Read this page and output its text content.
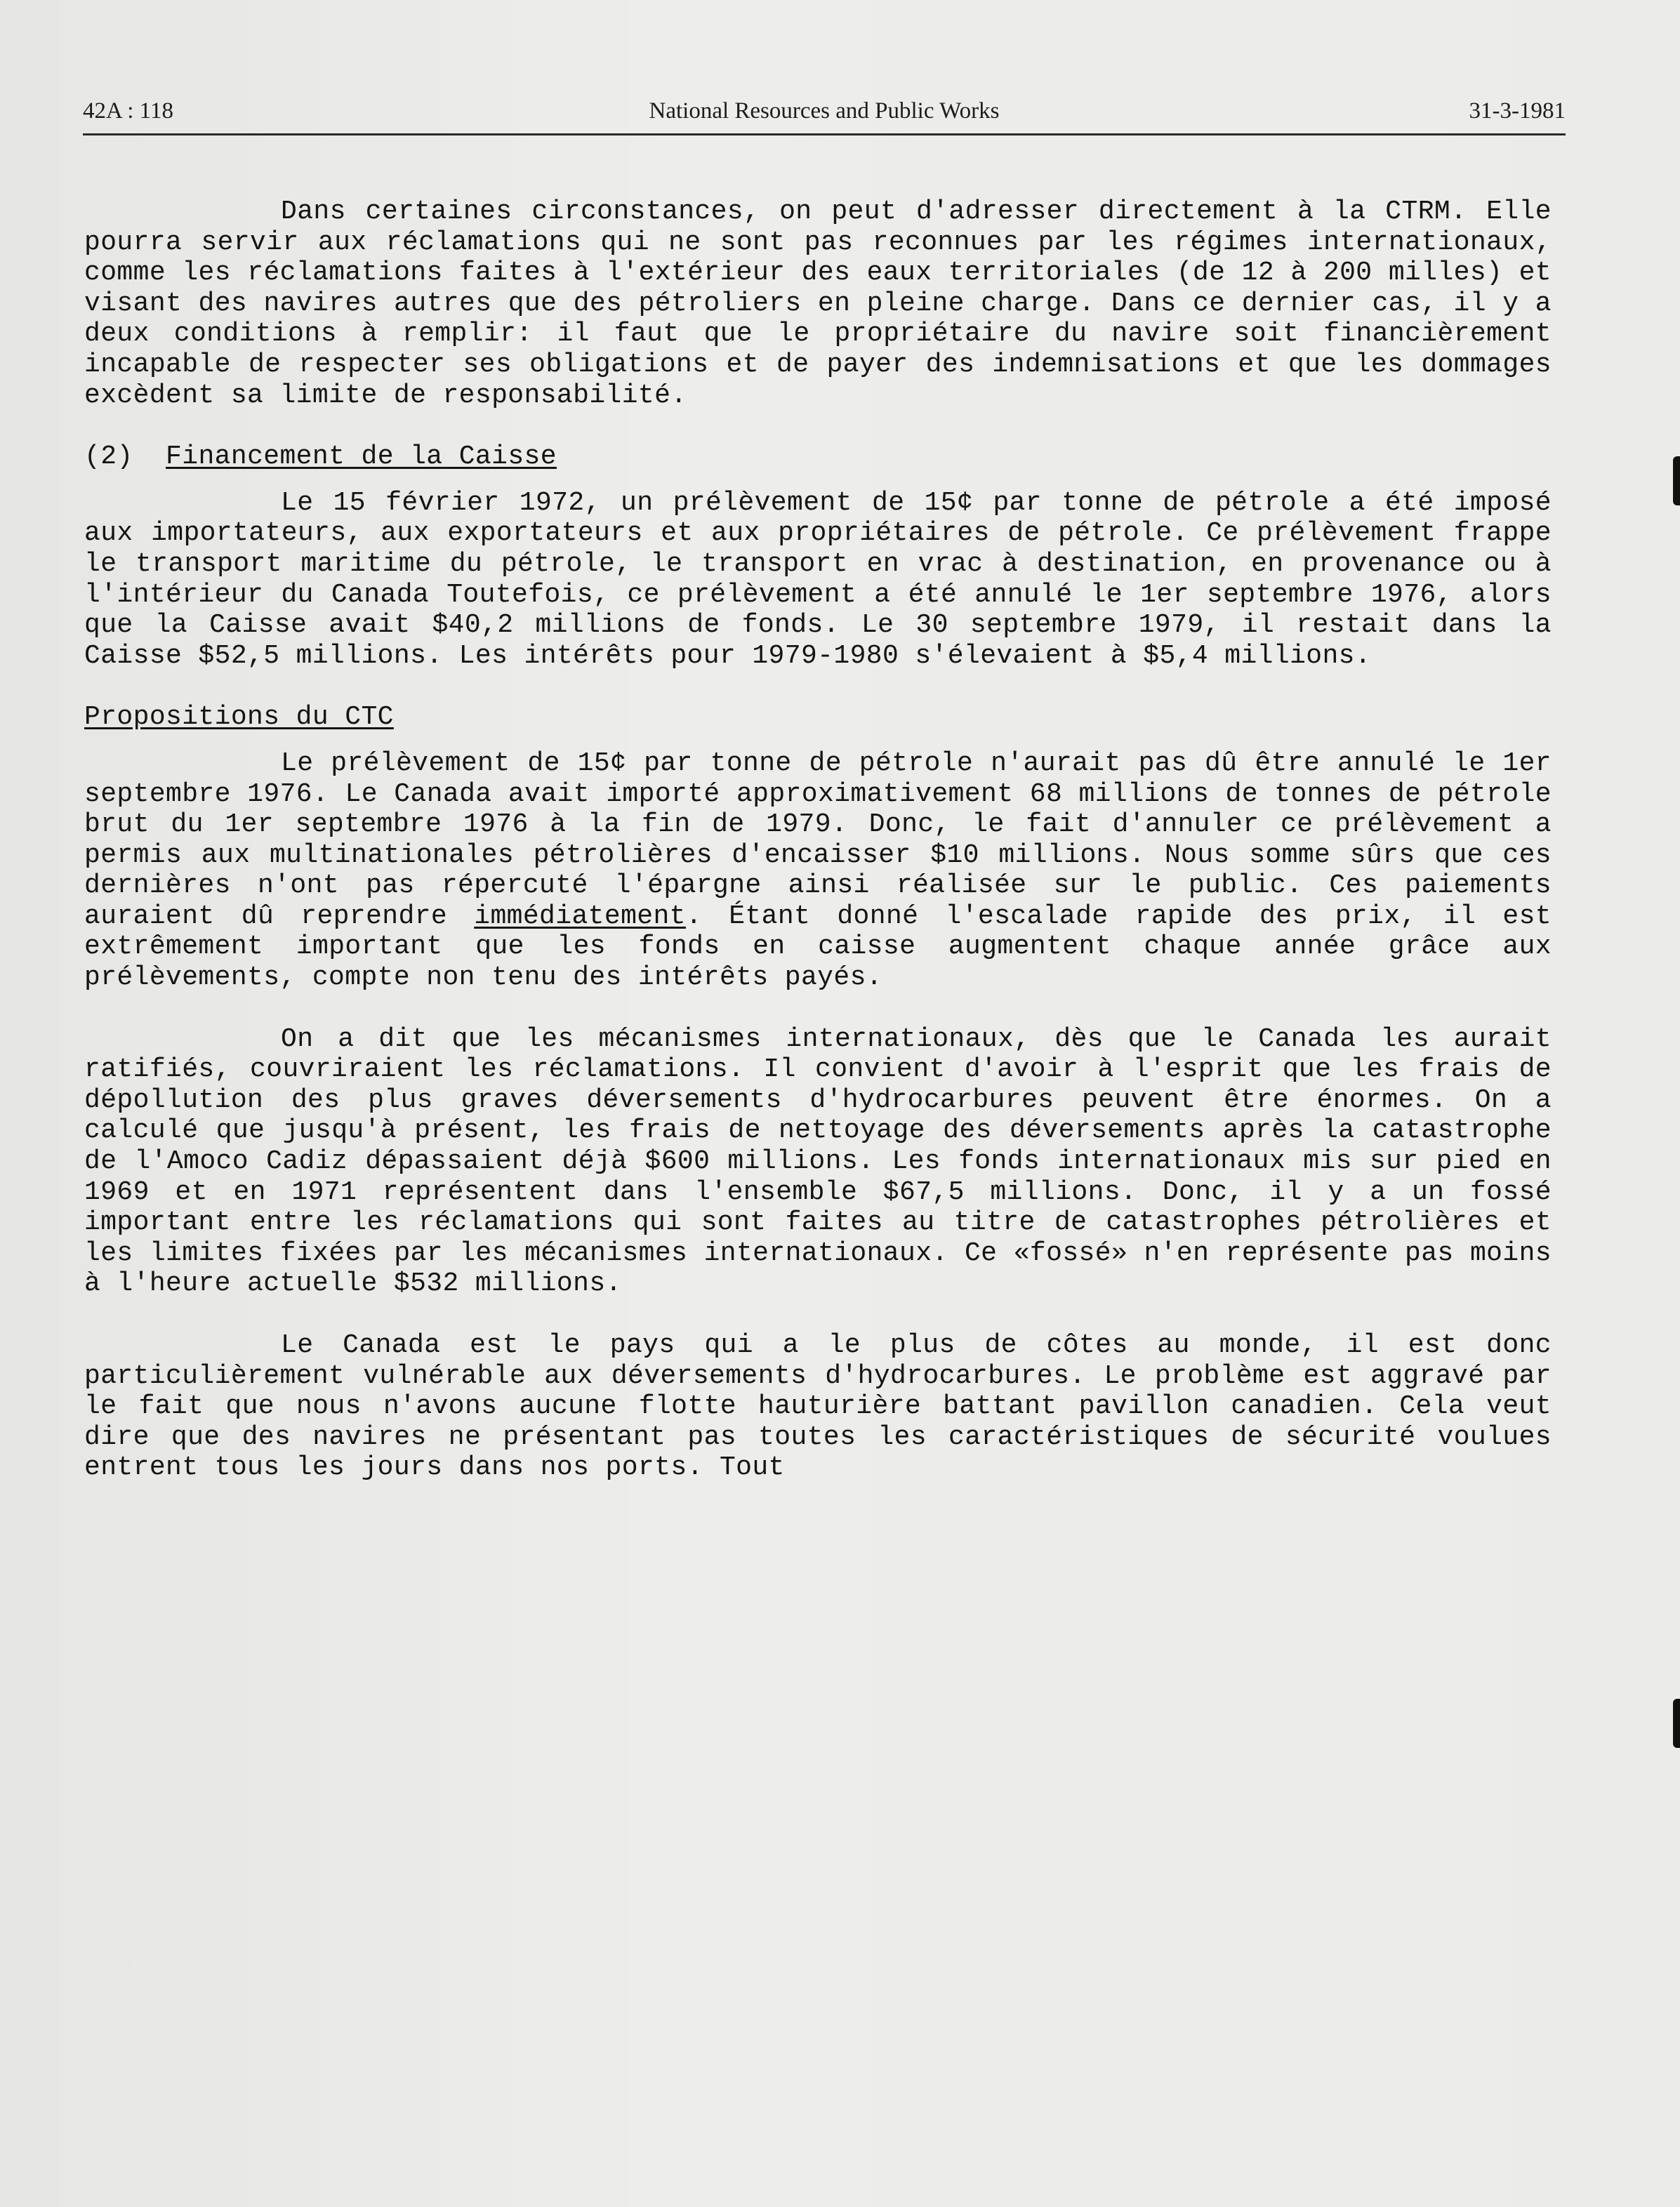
42A : 118	National Resources and Public Works	31-3-1981

Dans certaines circonstances, on peut d'adresser directement à la CTRM. Elle pourra servir aux réclamations qui ne sont pas reconnues par les régimes internationaux, comme les réclamations faites à l'extérieur des eaux territoriales (de 12 à 200 milles) et visant des navires autres que des pétroliers en pleine charge. Dans ce dernier cas, il y a deux conditions à remplir: il faut que le propriétaire du navire soit financièrement incapable de respecter ses obligations et de payer des indemnisations et que les dommages excèdent sa limite de responsabilité.

(2) Financement de la Caisse

Le 15 février 1972, un prélèvement de 15¢ par tonne de pétrole a été imposé aux importateurs, aux exportateurs et aux propriétaires de pétrole. Ce prélèvement frappe le transport maritime du pétrole, le transport en vrac à destination, en provenance ou à l'intérieur du Canada Toutefois, ce prélèvement a été annulé le 1er septembre 1976, alors que la Caisse avait $40,2 millions de fonds. Le 30 septembre 1979, il restait dans la Caisse $52,5 millions. Les intérêts pour 1979-1980 s'élevaient à $5,4 millions.

Propositions du CTC

Le prélèvement de 15¢ par tonne de pétrole n'aurait pas dû être annulé le 1er septembre 1976. Le Canada avait importé approximativement 68 millions de tonnes de pétrole brut du 1er septembre 1976 à la fin de 1979. Donc, le fait d'annuler ce prélèvement a permis aux multinationales pétrolières d'encaisser $10 millions. Nous somme sûrs que ces dernières n'ont pas répercuté l'épargne ainsi réalisée sur le public. Ces paiements auraient dû reprendre immédiatement. Étant donné l'escalade rapide des prix, il est extrêmement important que les fonds en caisse augmentent chaque année grâce aux prélèvements, compte non tenu des intérêts payés.

On a dit que les mécanismes internationaux, dès que le Canada les aurait ratifiés, couvriraient les réclamations. Il convient d'avoir à l'esprit que les frais de dépollution des plus graves déversements d'hydrocarbures peuvent être énormes. On a calculé que jusqu'à présent, les frais de nettoyage des déversements après la catastrophe de l'Amoco Cadiz dépassaient déjà $600 millions. Les fonds internationaux mis sur pied en 1969 et en 1971 représentent dans l'ensemble $67,5 millions. Donc, il y a un fossé important entre les réclamations qui sont faites au titre de catastrophes pétrolières et les limites fixées par les mécanismes internationaux. Ce «fossé» n'en représente pas moins à l'heure actuelle $532 millions.

Le Canada est le pays qui a le plus de côtes au monde, il est donc particulièrement vulnérable aux déversements d'hydrocarbures. Le problème est aggravé par le fait que nous n'avons aucune flotte hauturière battant pavillon canadien. Cela veut dire que des navires ne présentant pas toutes les caractéristiques de sécurité voulues entrent tous les jours dans nos ports. Tout
